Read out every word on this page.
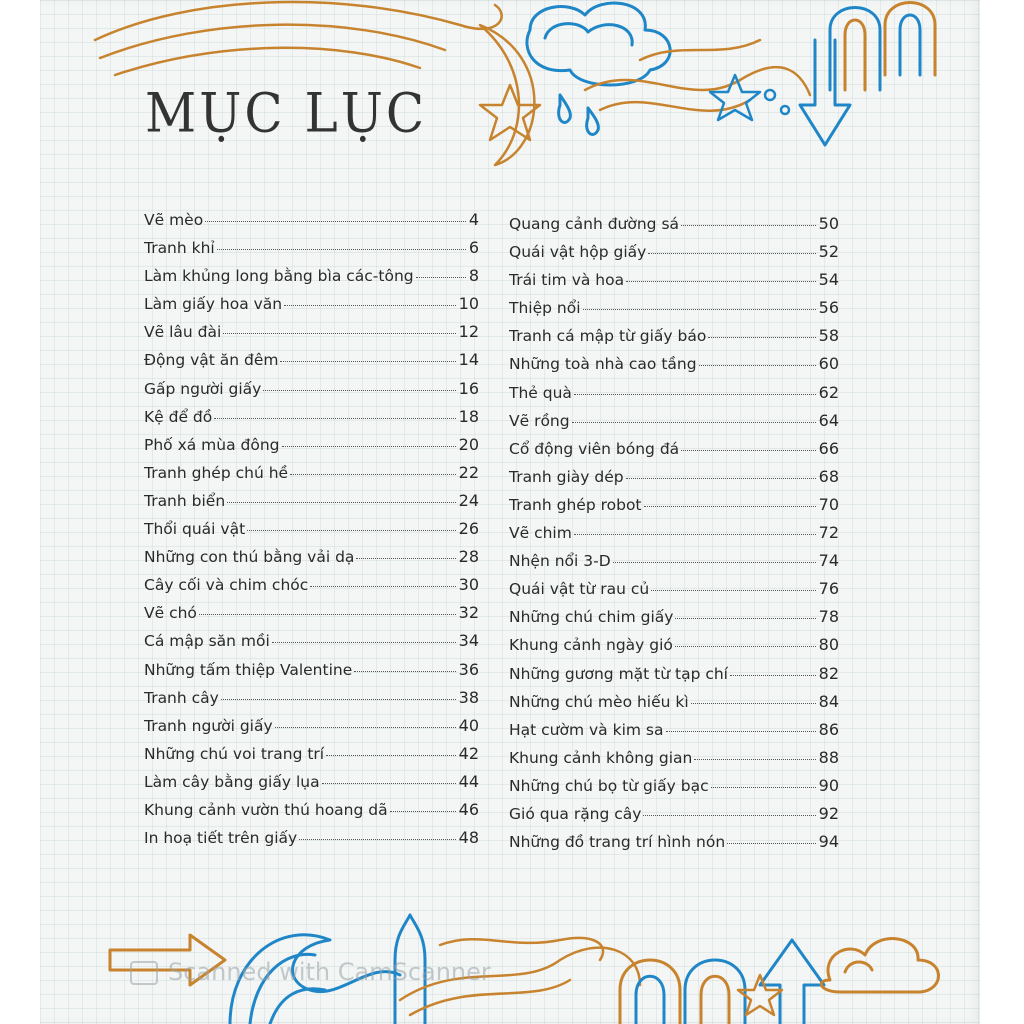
MỤC LỤC
Vẽ mèo	4
Tranh khỉ	6
Làm khủng long bằng bìa các-tông	8
Làm giấy hoa văn	10
Vẽ lâu đài	12
Động vật ăn đêm	14
Gấp người giấy	16
Kệ để đồ	18
Phố xá mùa đông	20
Tranh ghép chú hề	22
Tranh biển	24
Thổi quái vật	26
Những con thú bằng vải dạ	28
Cây cối và chim chóc	30
Vẽ chó	32
Cá mập săn mồi	34
Những tấm thiệp Valentine	36
Tranh cây	38
Tranh người giấy	40
Những chú voi trang trí	42
Làm cây bằng giấy lụa	44
Khung cảnh vườn thú hoang dã	46
In hoạ tiết trên giấy	48
Quang cảnh đường sá	50
Quái vật hộp giấy	52
Trái tim và hoa	54
Thiệp nổi	56
Tranh cá mập từ giấy báo	58
Những toà nhà cao tầng	60
Thẻ quà	62
Vẽ rồng	64
Cổ động viên bóng đá	66
Tranh giày dép	68
Tranh ghép robot	70
Vẽ chim	72
Nhện nổi 3-D	74
Quái vật từ rau củ	76
Những chú chim giấy	78
Khung cảnh ngày gió	80
Những gương mặt từ tạp chí	82
Những chú mèo hiếu kì	84
Hạt cườm và kim sa	86
Khung cảnh không gian	88
Những chú bọ từ giấy bạc	90
Gió qua rặng cây	92
Những đồ trang trí hình nón	94
Scanned with CamScanner
